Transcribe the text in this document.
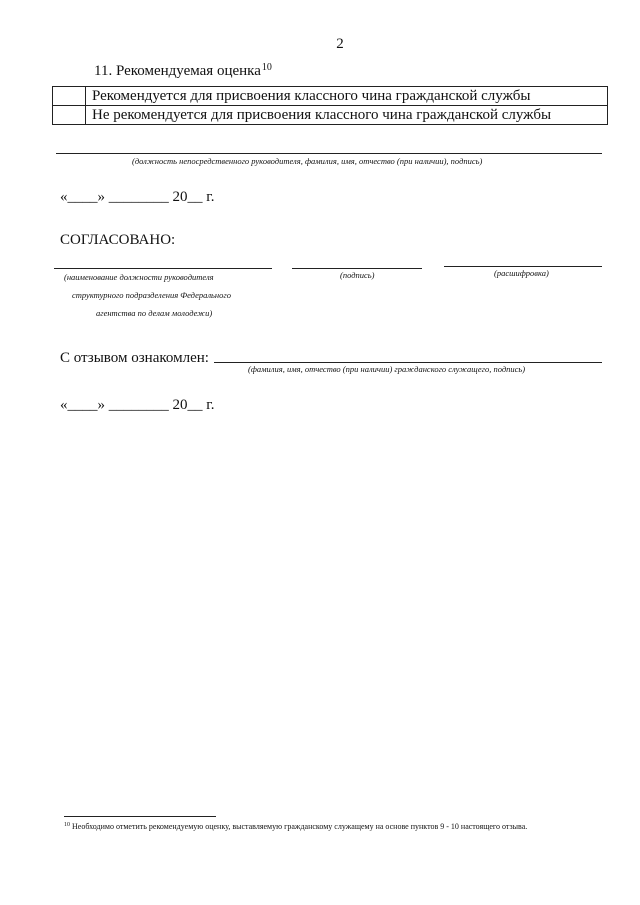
2
11. Рекомендуемая оценка$^{10}$
	Рекомендуется для присвоения классного чина гражданской службы
	Не рекомендуется для присвоения классного чина гражданской службы
(должность непосредственного руководителя, фамилия, имя, отчество (при наличии), подпись)
«____» ________ 20__ г.
СОГЛАСОВАНО:
(наименование должности руководителя
структурного подразделения Федерального
агентства по делам молодежи)
(подпись)	(расшифровка)
С отзывом ознакомлен:
(фамилия, имя, отчество (при наличии) гражданского служащего, подпись)
«____» ________ 20__ г.
$^{10}$ Необходимо отметить рекомендуемую оценку, выставляемую гражданскому служащему на основе пунктов 9 - 10 настоящего отзыва.
